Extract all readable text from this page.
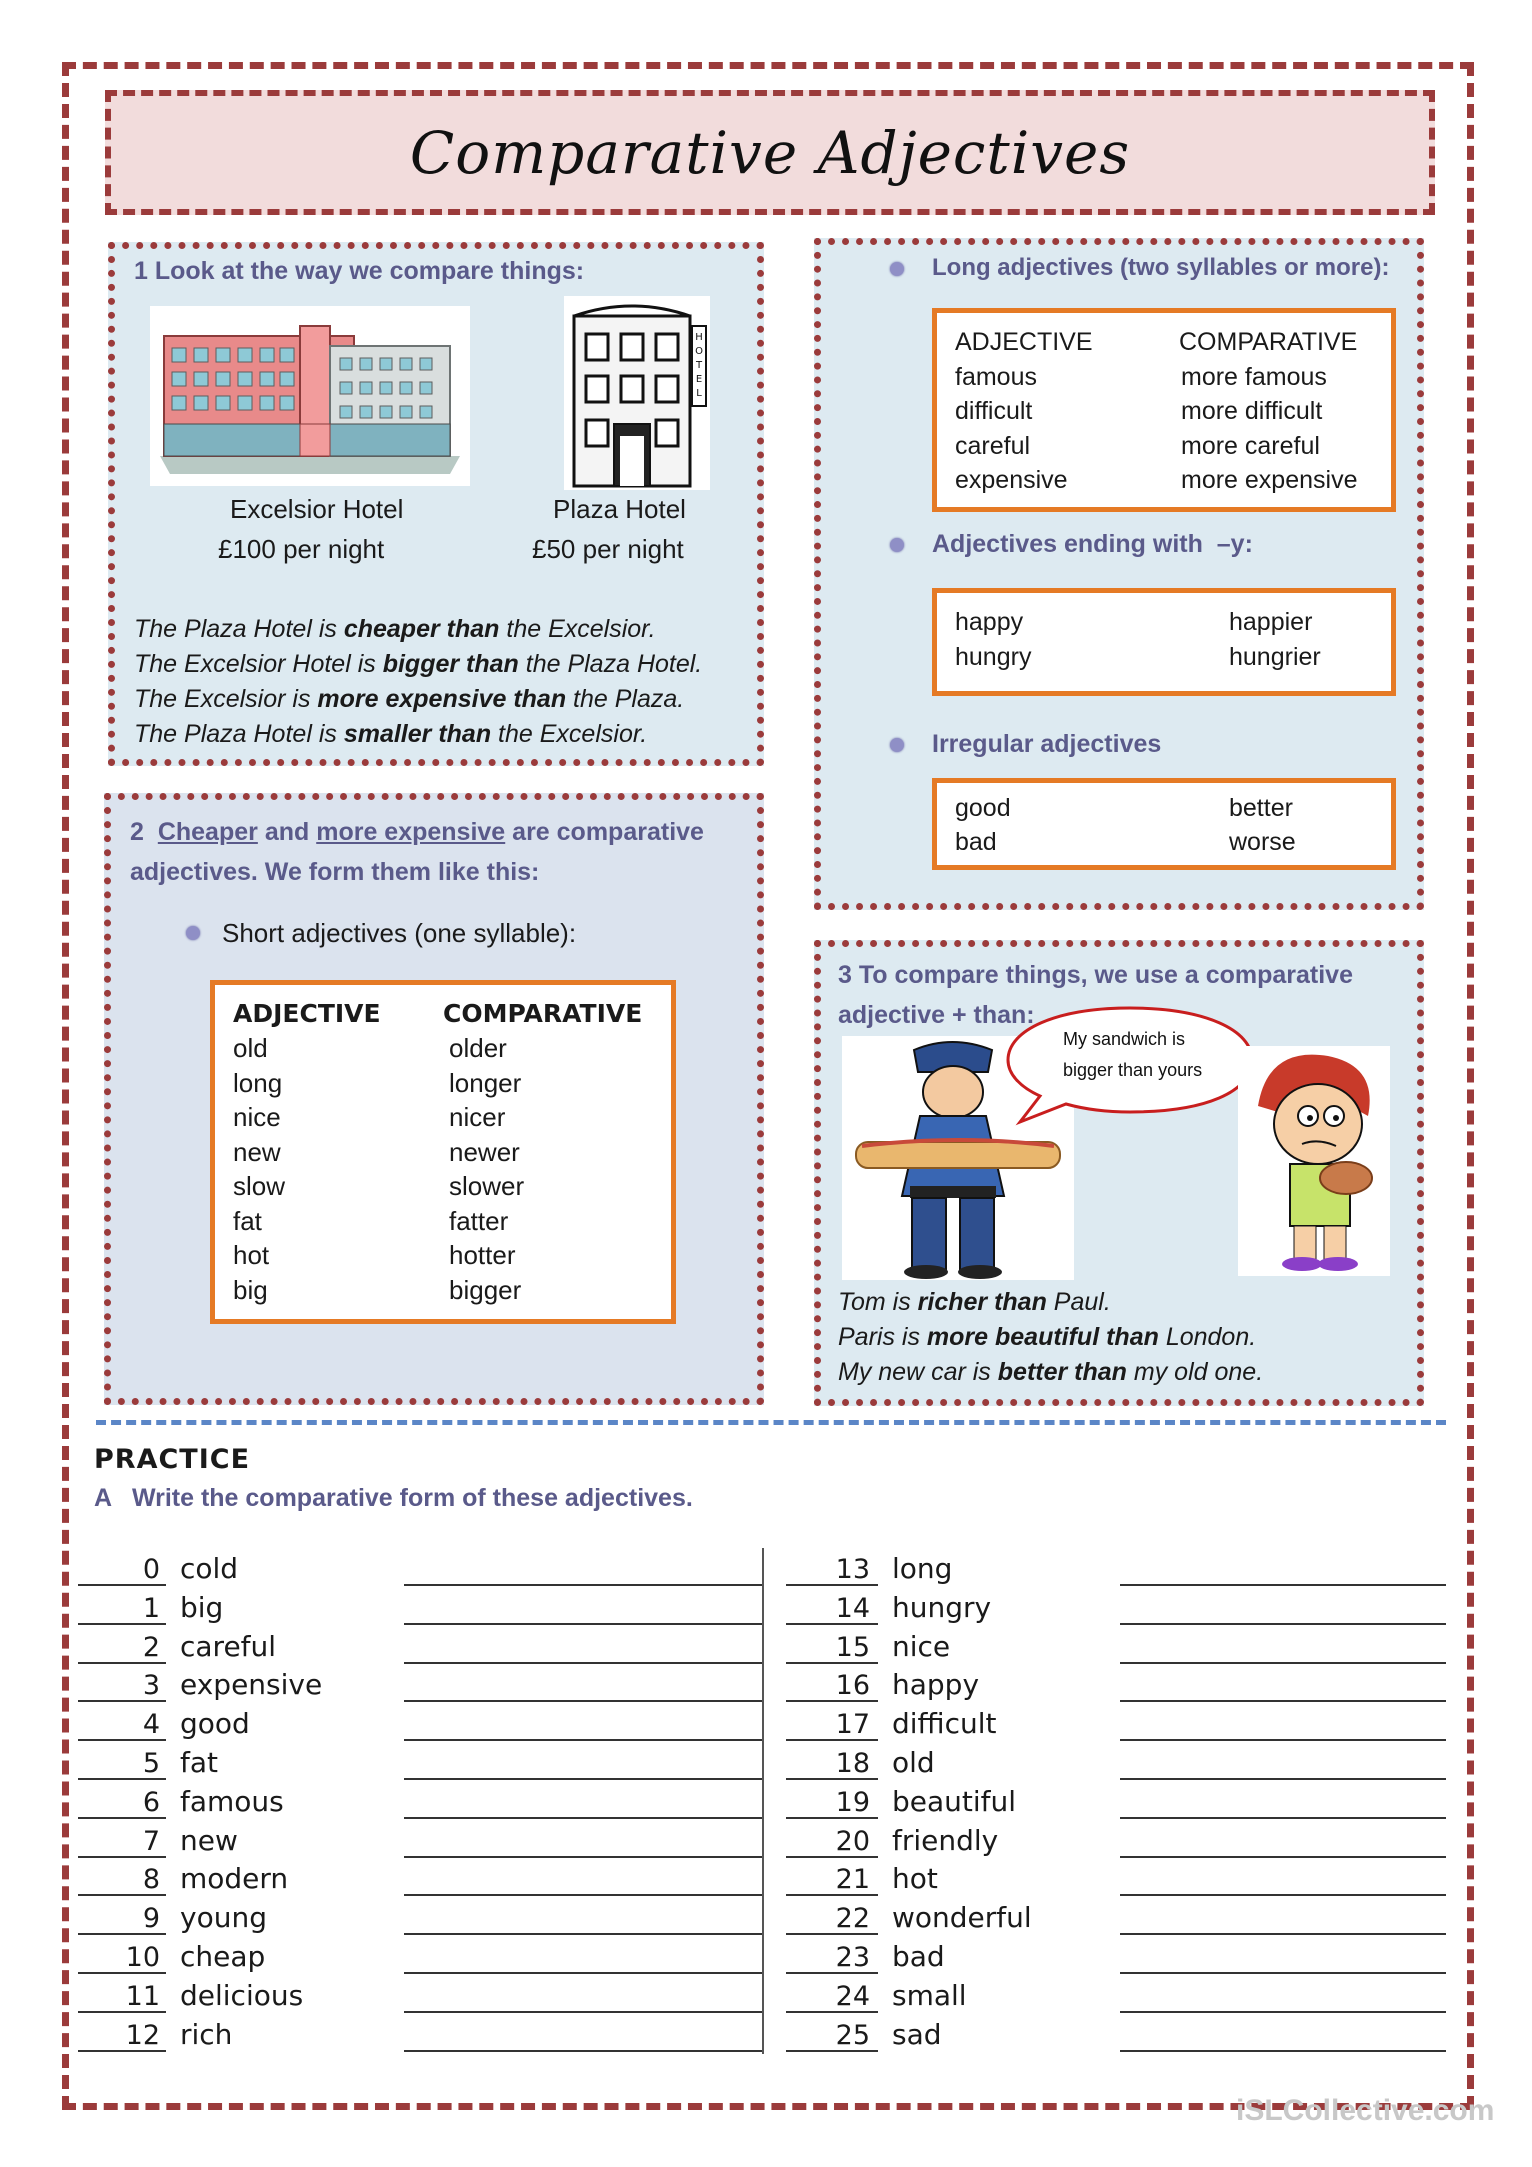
Comparative Adjectives
1 Look at the way we compare things:
H
O
T
E
L
Excelsior Hotel
£100 per night
Plaza Hotel
£50 per night
The Plaza Hotel is cheaper than the Excelsior.
The Excelsior Hotel is bigger than the Plaza Hotel.
The Excelsior is more expensive than the Plaza.
The Plaza Hotel is smaller than the Excelsior.
2 Cheaper and more expensive are comparative
adjectives. We form them like this:
Short adjectives (one syllable):
ADJECTIVE	COMPARATIVE
old	older
long	longer
nice	nicer
new	newer
slow	slower
fat	fatter
hot	hotter
big	bigger
Long adjectives (two syllables or more):
ADJECTIVE	COMPARATIVE
famous	more famous
difficult	more difficult
careful	more careful
expensive	more expensive
Adjectives ending with  –y:
happy	happier
hungry	hungrier
Irregular adjectives
good	better
bad	worse
3 To compare things, we use a comparative
adjective + than:
My sandwich is
bigger than yours
Tom is richer than Paul.
Paris is more beautiful than London.
My new car is better than my old one.
PRACTICE
A   Write the comparative form of these adjectives.
0 cold
1 big
2 careful
3 expensive
4 good
5 fat
6 famous
7 new
8 modern
9 young
10 cheap
11 delicious
12 rich
13 long
14 hungry
15 nice
16 happy
17 difficult
18 old
19 beautiful
20 friendly
21 hot
22 wonderful
23 bad
24 small
25 sad
iSLCollective.com
